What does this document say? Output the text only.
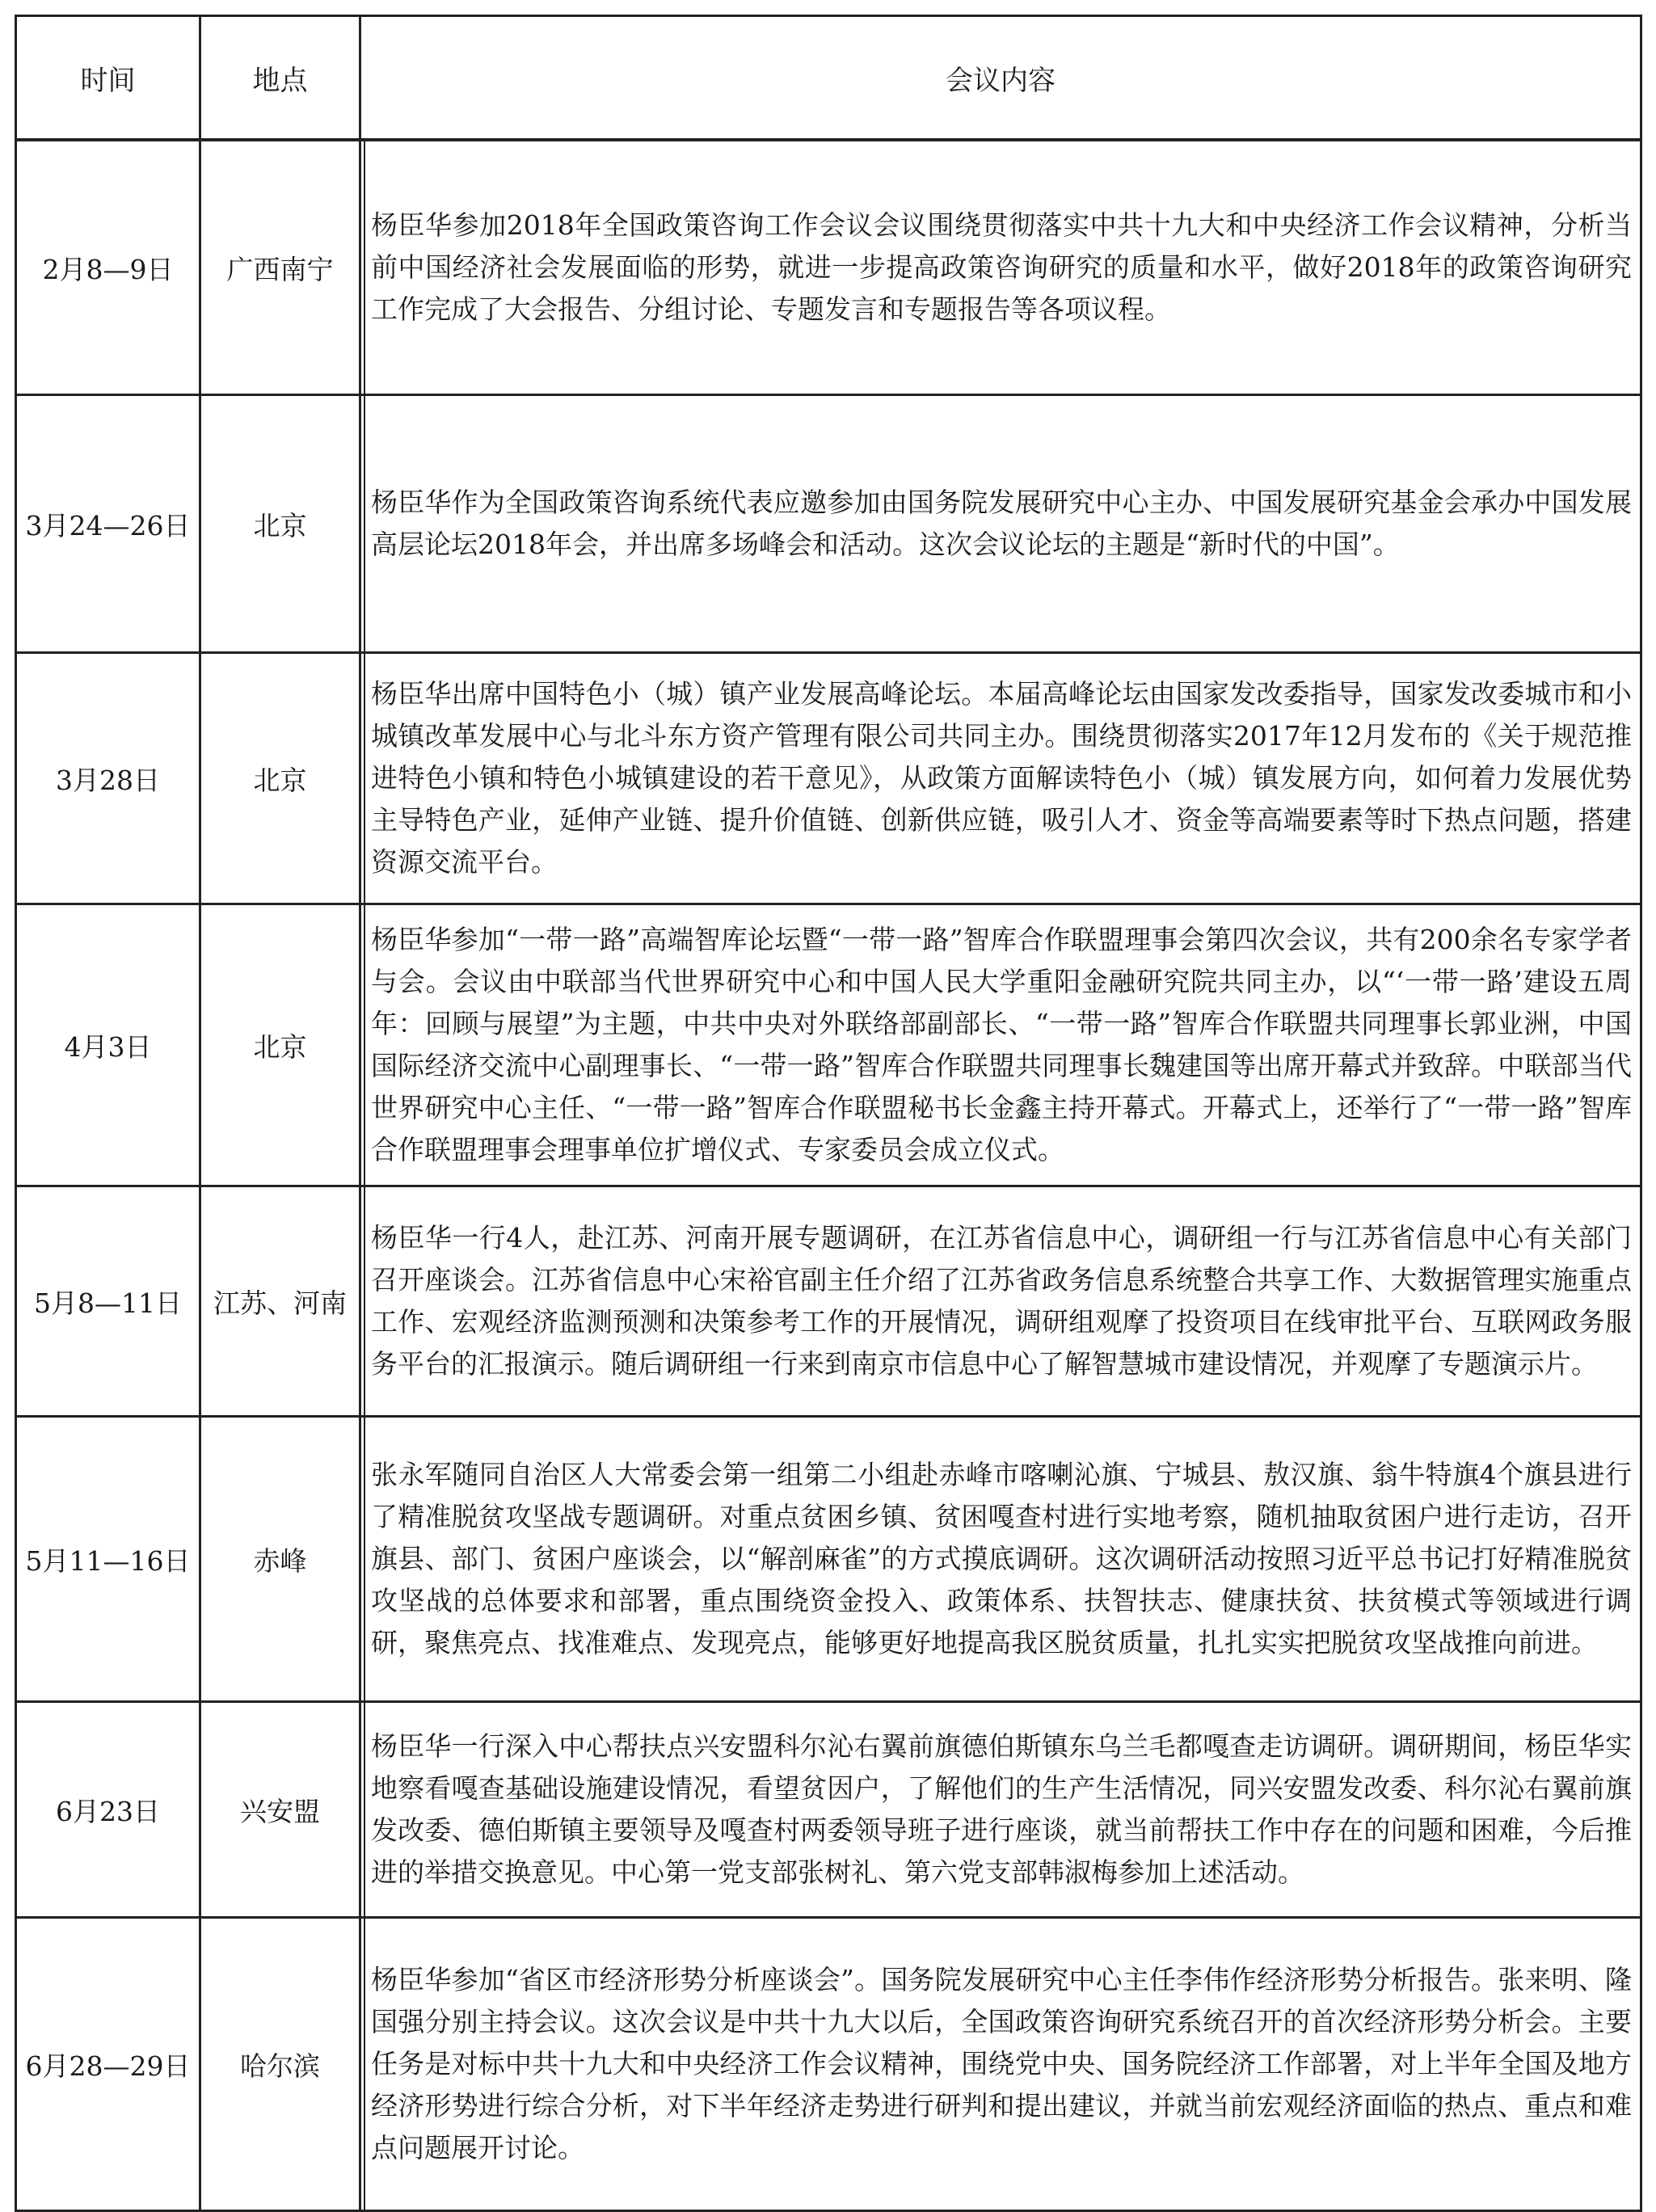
时间	地点	会议内容
2月8—9日	广西南宁	杨臣华参加2018年全国政策咨询工作会议会议围绕贯彻落实中共十九大和中央经济工作会议精神，分析当前中国经济社会发展面临的形势，就进一步提高政策咨询研究的质量和水平，做好2018年的政策咨询研究工作完成了大会报告、分组讨论、专题发言和专题报告等各项议程。
3月24—26日	北京	杨臣华作为全国政策咨询系统代表应邀参加由国务院发展研究中心主办、中国发展研究基金会承办中国发展高层论坛2018年会，并出席多场峰会和活动。这次会议论坛的主题是“新时代的中国”。
3月28日	北京	杨臣华出席中国特色小（城）镇产业发展高峰论坛。本届高峰论坛由国家发改委指导，国家发改委城市和小城镇改革发展中心与北斗东方资产管理有限公司共同主办。围绕贯彻落实2017年12月发布的《关于规范推进特色小镇和特色小城镇建设的若干意见》，从政策方面解读特色小（城）镇发展方向，如何着力发展优势主导特色产业，延伸产业链、提升价值链、创新供应链，吸引人才、资金等高端要素等时下热点问题，搭建资源交流平台。
4月3日	北京	杨臣华参加“一带一路”高端智库论坛暨“一带一路”智库合作联盟理事会第四次会议，共有200余名专家学者与会。会议由中联部当代世界研究中心和中国人民大学重阳金融研究院共同主办，以“‘一带一路’建设五周年：回顾与展望”为主题，中共中央对外联络部副部长、“一带一路”智库合作联盟共同理事长郭业洲，中国国际经济交流中心副理事长、“一带一路”智库合作联盟共同理事长魏建国等出席开幕式并致辞。中联部当代世界研究中心主任、“一带一路”智库合作联盟秘书长金鑫主持开幕式。开幕式上，还举行了“一带一路”智库合作联盟理事会理事单位扩增仪式、专家委员会成立仪式。
5月8—11日	江苏、河南	杨臣华一行4人，赴江苏、河南开展专题调研，在江苏省信息中心，调研组一行与江苏省信息中心有关部门召开座谈会。江苏省信息中心宋裕官副主任介绍了江苏省政务信息系统整合共享工作、大数据管理实施重点工作、宏观经济监测预测和决策参考工作的开展情况，调研组观摩了投资项目在线审批平台、互联网政务服务平台的汇报演示。随后调研组一行来到南京市信息中心了解智慧城市建设情况，并观摩了专题演示片。
5月11—16日	赤峰	张永军随同自治区人大常委会第一组第二小组赴赤峰市喀喇沁旗、宁城县、敖汉旗、翁牛特旗4个旗县进行了精准脱贫攻坚战专题调研。对重点贫困乡镇、贫困嘎查村进行实地考察，随机抽取贫困户进行走访，召开旗县、部门、贫困户座谈会，以“解剖麻雀”的方式摸底调研。这次调研活动按照习近平总书记打好精准脱贫攻坚战的总体要求和部署，重点围绕资金投入、政策体系、扶智扶志、健康扶贫、扶贫模式等领域进行调研，聚焦亮点、找准难点、发现亮点，能够更好地提高我区脱贫质量，扎扎实实把脱贫攻坚战推向前进。
6月23日	兴安盟	杨臣华一行深入中心帮扶点兴安盟科尔沁右翼前旗德伯斯镇东乌兰毛都嘎查走访调研。调研期间，杨臣华实地察看嘎查基础设施建设情况，看望贫因户，了解他们的生产生活情况，同兴安盟发改委、科尔沁右翼前旗发改委、德伯斯镇主要领导及嘎查村两委领导班子进行座谈，就当前帮扶工作中存在的问题和困难，今后推进的举措交换意见。中心第一党支部张树礼、第六党支部韩淑梅参加上述活动。
6月28—29日	哈尔滨	杨臣华参加“省区市经济形势分析座谈会”。国务院发展研究中心主任李伟作经济形势分析报告。张来明、隆国强分别主持会议。这次会议是中共十九大以后，全国政策咨询研究系统召开的首次经济形势分析会。主要任务是对标中共十九大和中央经济工作会议精神，围绕党中央、国务院经济工作部署，对上半年全国及地方经济形势进行综合分析，对下半年经济走势进行研判和提出建议，并就当前宏观经济面临的热点、重点和难点问题展开讨论。
